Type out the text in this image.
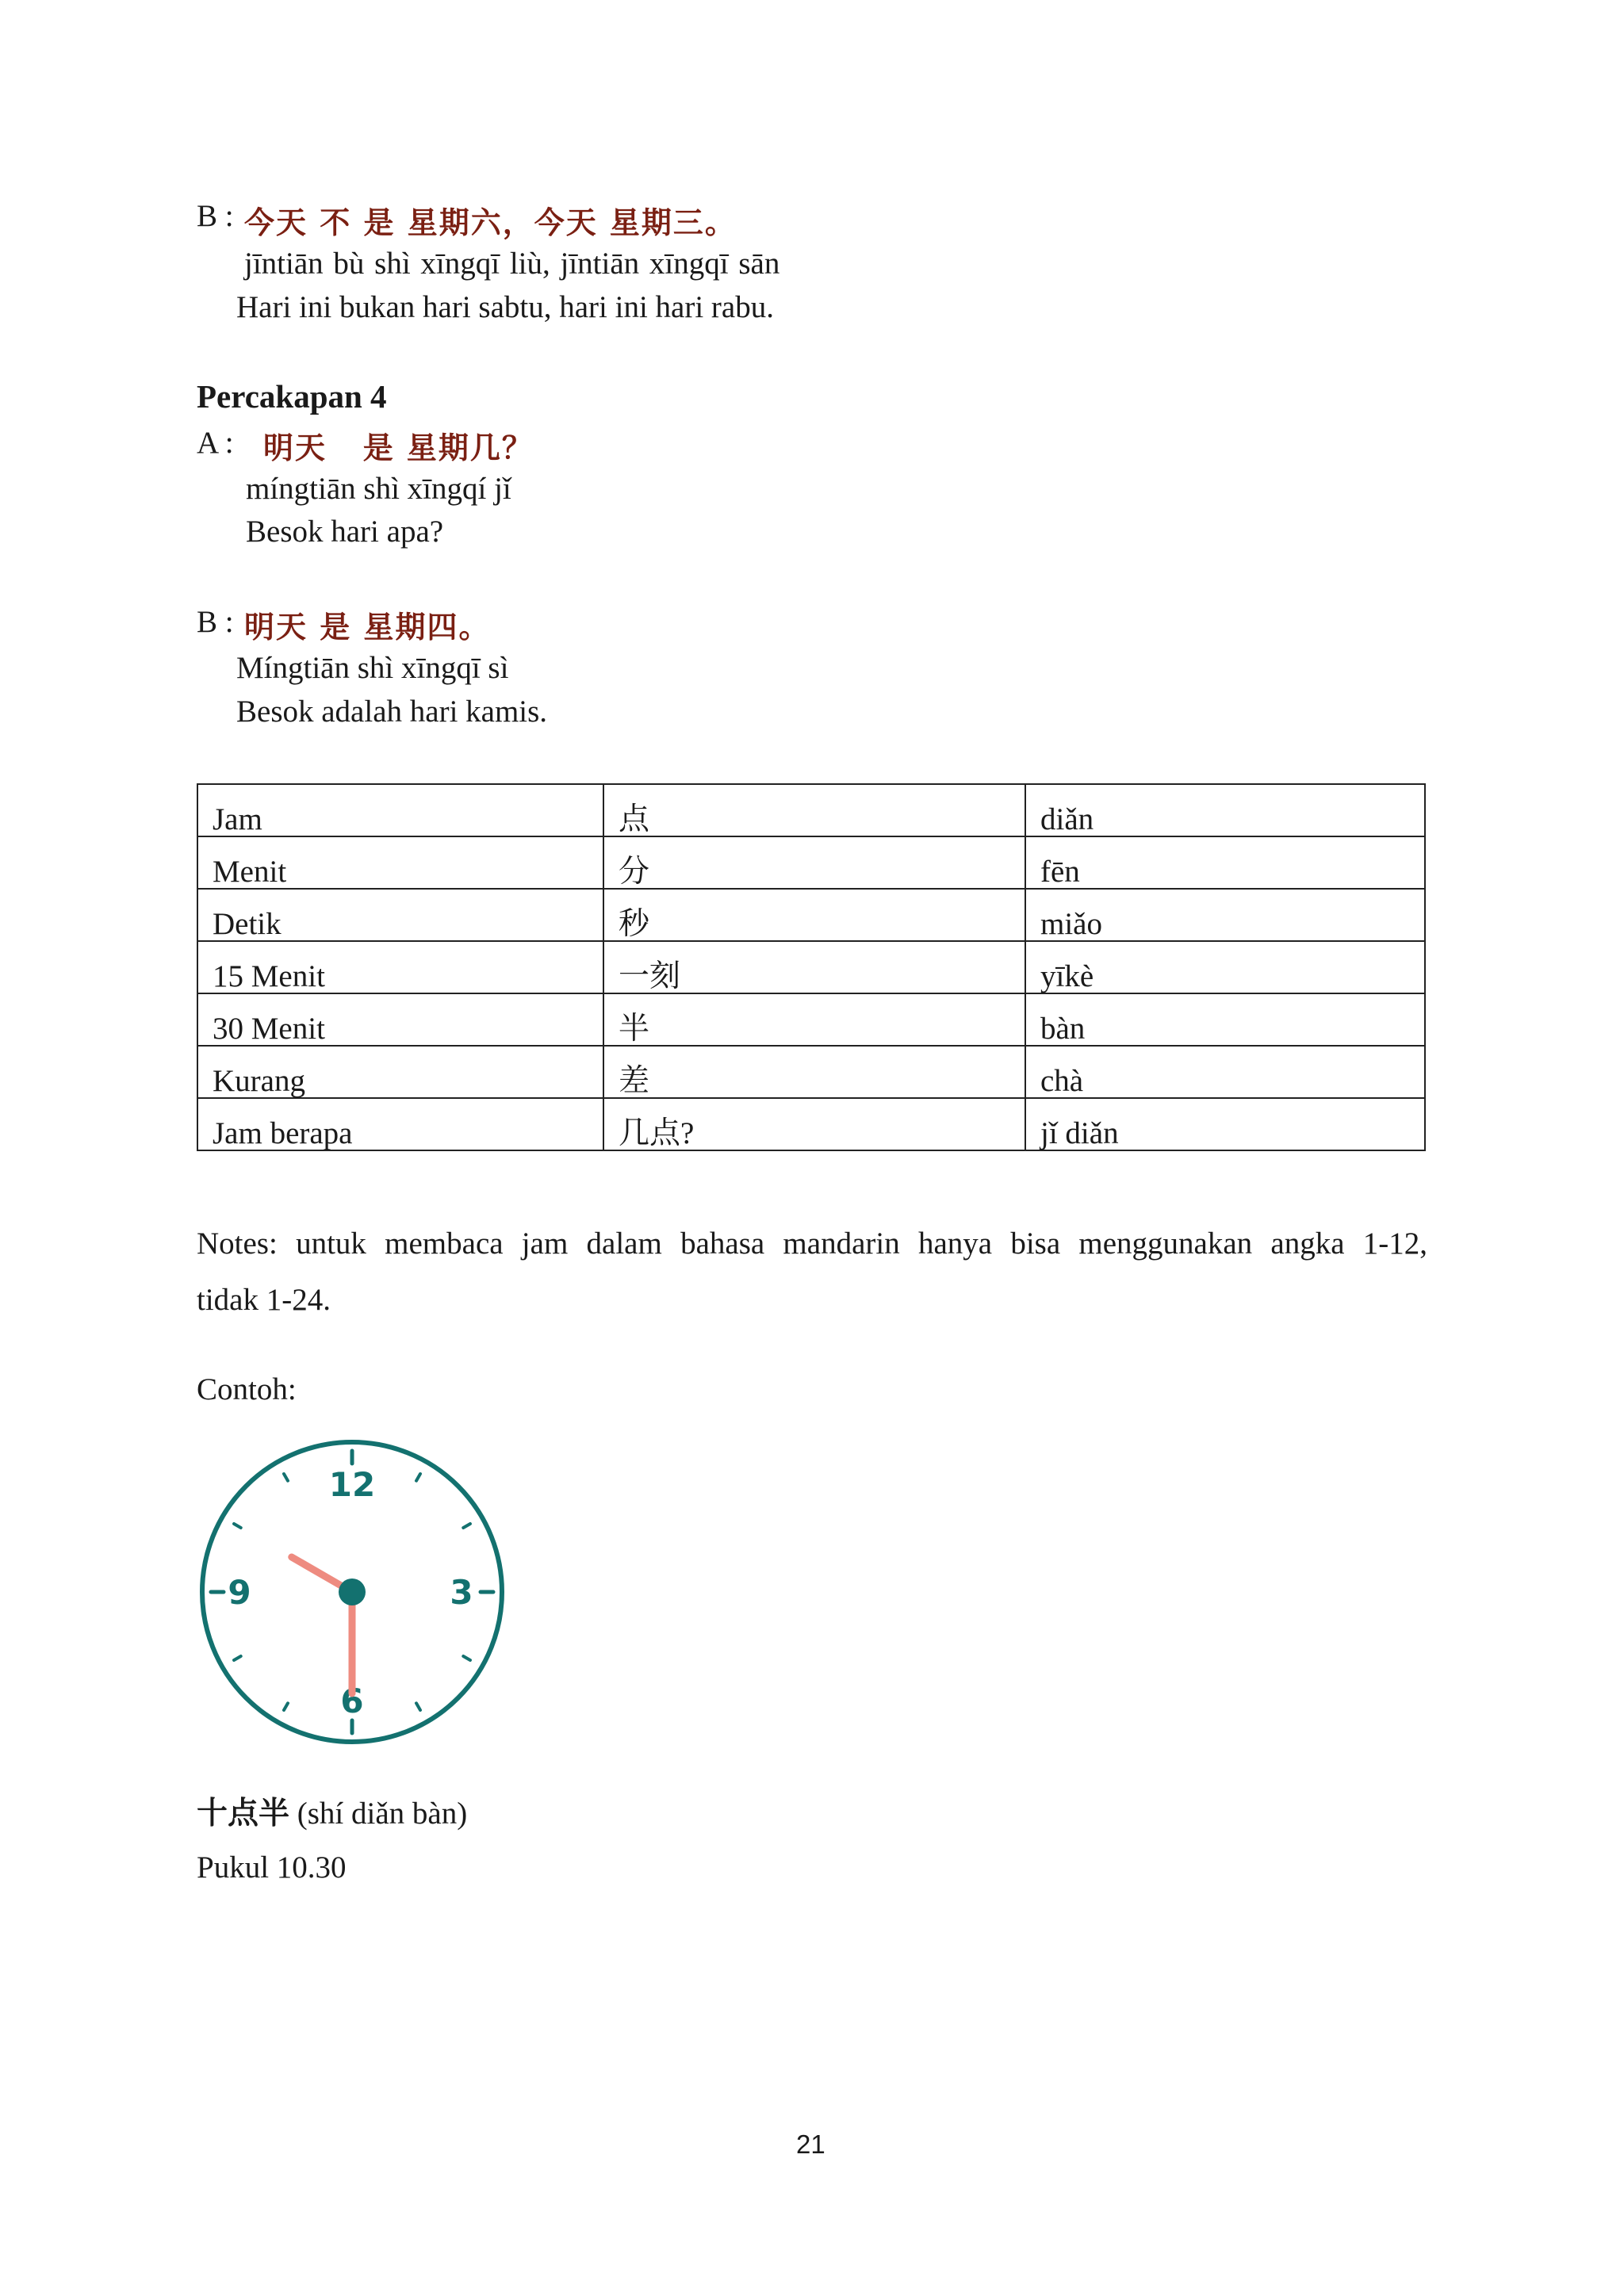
B : 今天 不 是 星期六，今天 星期三。
jīntiān bù shì xīngqī liù, jīntiān xīngqī sān
Hari ini bukan hari sabtu, hari ini hari rabu.
Percakapan 4
A : 明天   是 星期几？
míngtiān shì xīngqí jǐ
Besok hari apa?
B : 明天 是 星期四。
Míngtiān shì xīngqī sì
Besok adalah hari kamis.
Jam	点	diǎn
Menit	分	fēn
Detik	秒	miǎo
15 Menit	一刻	yīkè
30 Menit	半	bàn
Kurang	差	chà
Jam berapa	几点?	jǐ diǎn
Notes: untuk membaca jam dalam bahasa mandarin hanya bisa menggunakan angka 1-12,
tidak 1-24.
Contoh:
12
3
6
9
十点半 (shí diǎn bàn)
Pukul 10.30
21
